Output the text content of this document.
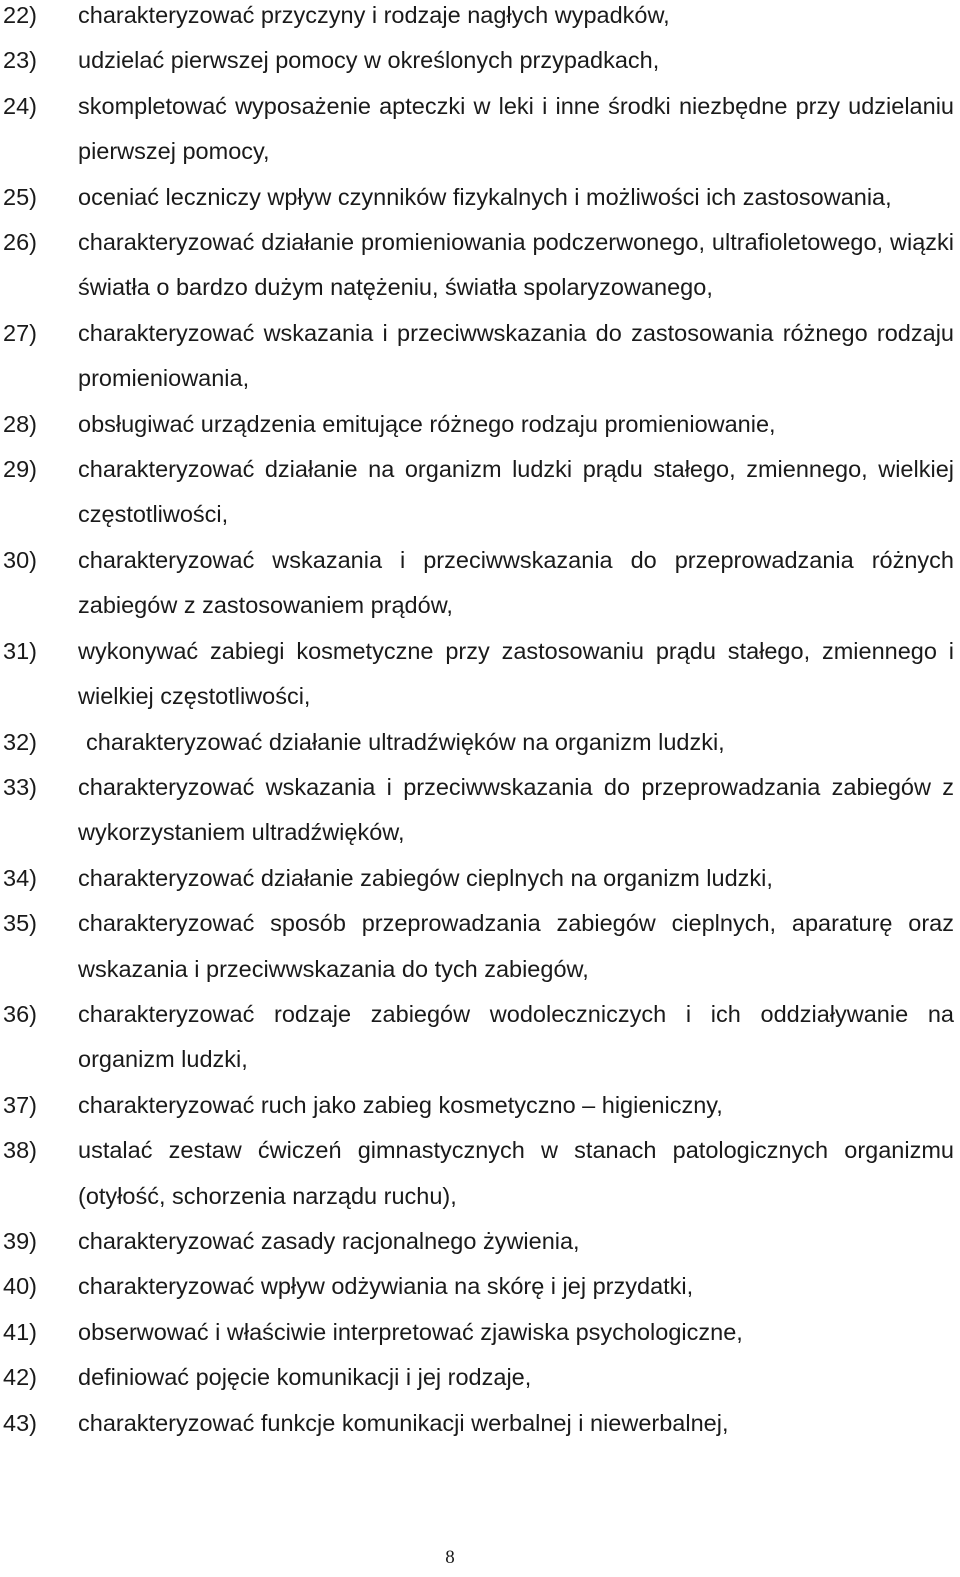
22) charakteryzować przyczyny i rodzaje nagłych wypadków,
23) udzielać pierwszej pomocy w określonych przypadkach,
24) skompletować wyposażenie apteczki w leki i inne środki niezbędne przy udzielaniu pierwszej pomocy,
25) oceniać leczniczy wpływ czynników fizykalnych i możliwości ich zastosowania,
26) charakteryzować działanie promieniowania podczerwonego, ultrafioletowego, wiązki światła o bardzo dużym natężeniu, światła spolaryzowanego,
27) charakteryzować wskazania i przeciwwskazania do zastosowania różnego rodzaju promieniowania,
28) obsługiwać urządzenia emitujące różnego rodzaju promieniowanie,
29) charakteryzować działanie na organizm ludzki prądu stałego, zmiennego, wielkiej częstotliwości,
30) charakteryzować wskazania i przeciwwskazania do przeprowadzania różnych zabiegów z zastosowaniem prądów,
31) wykonywać zabiegi kosmetyczne przy zastosowaniu prądu stałego, zmiennego i wielkiej częstotliwości,
32)	charakteryzować działanie ultradźwięków na organizm ludzki,
33) charakteryzować wskazania i przeciwwskazania do przeprowadzania zabiegów z wykorzystaniem ultradźwięków,
34) charakteryzować działanie zabiegów cieplnych na organizm ludzki,
35) charakteryzować sposób przeprowadzania zabiegów cieplnych, aparaturę oraz wskazania i przeciwwskazania do tych zabiegów,
36) charakteryzować rodzaje zabiegów wodoleczniczych i ich oddziaływanie na organizm ludzki,
37) charakteryzować ruch jako zabieg kosmetyczno – higieniczny,
38) ustalać zestaw ćwiczeń gimnastycznych w stanach patologicznych organizmu (otyłość, schorzenia narządu ruchu),
39) charakteryzować zasady racjonalnego żywienia,
40) charakteryzować wpływ odżywiania na skórę i jej przydatki,
41) obserwować i właściwie interpretować zjawiska psychologiczne,
42) definiować pojęcie komunikacji i jej rodzaje,
43) charakteryzować funkcje komunikacji werbalnej i niewerbalnej,
8
